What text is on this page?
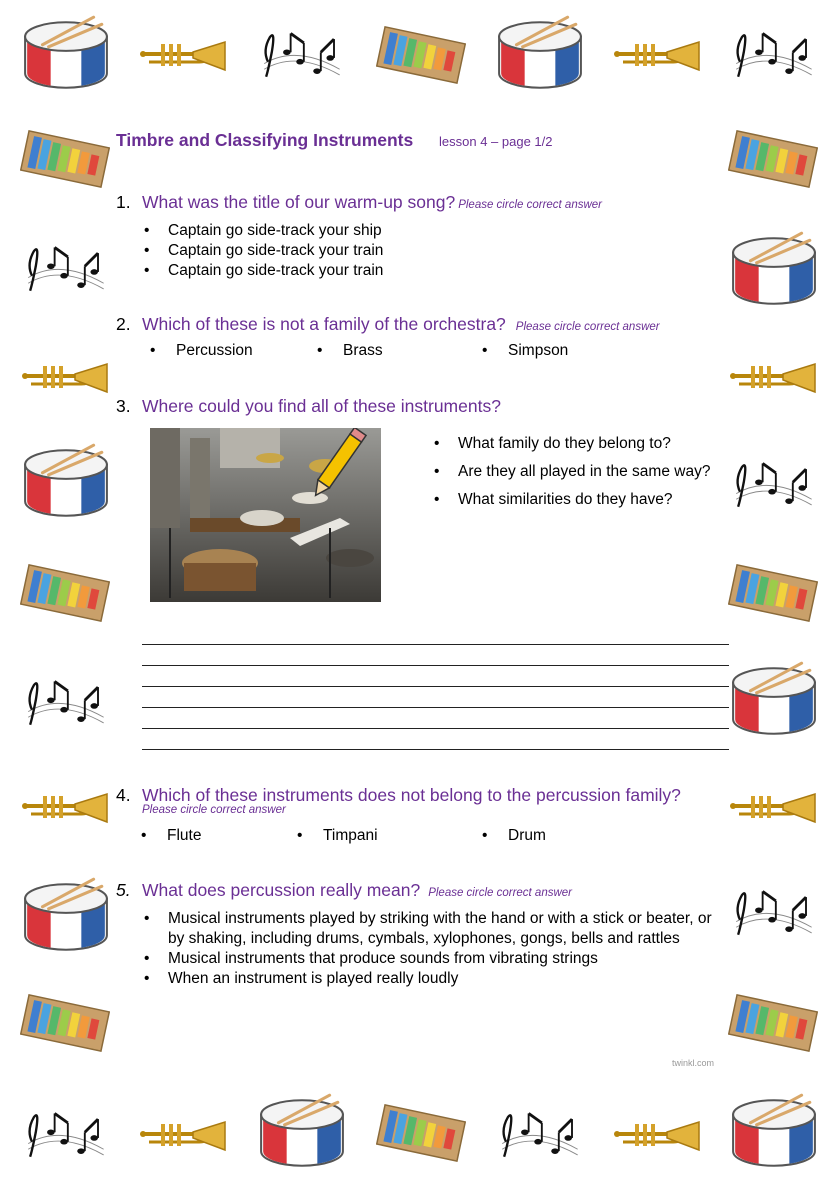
Timbre and Classifying Instruments lesson 4 – page 1/2
1. What was the title of our warm-up song? Please circle correct answer
• Captain go side-track your ship
• Captain go side-track your train
• Captain go side-track your train
2. Which of these is not a family of the orchestra? Please circle correct answer
• Percussion	• Brass	• Simpson
3. Where could you find all of these instruments?
• What family do they belong to?
• Are they all played in the same way?
• What similarities do they have?
4. Which of these instruments does not belong to the percussion family?
Please circle correct answer
• Flute	• Timpani	• Drum
5. What does percussion really mean? Please circle correct answer
• Musical instruments played by striking with the hand or with a stick or beater, or by shaking, including drums, cymbals, xylophones, gongs, bells and rattles
• Musical instruments that produce sounds from vibrating strings
• When an instrument is played really loudly
twinkl.com
